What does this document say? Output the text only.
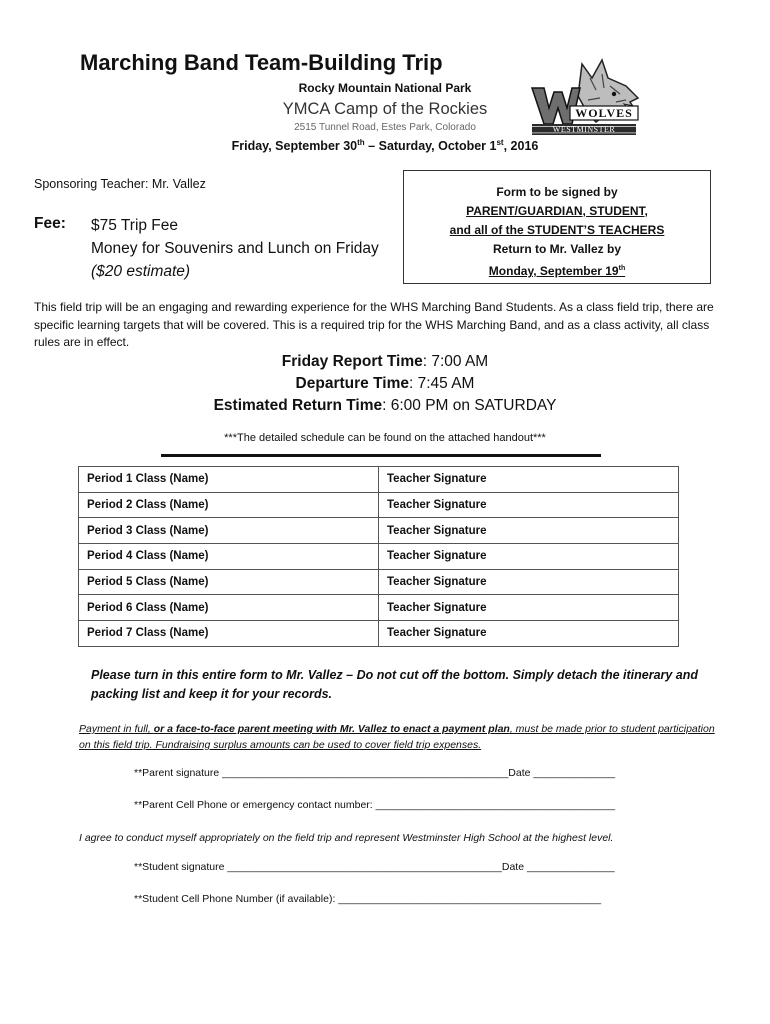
Marching Band Team-Building Trip
Rocky Mountain National Park
YMCA Camp of the Rockies
2515 Tunnel Road, Estes Park, Colorado
Friday, September 30th – Saturday, October 1st, 2016
WOLVES
WESTMINSTER
Sponsoring Teacher: Mr. Vallez
Fee: $75 Trip Fee
Money for Souvenirs and Lunch on Friday
($20 estimate)
Form to be signed by
PARENT/GUARDIAN, STUDENT,
and all of the STUDENT’S TEACHERS
Return to Mr. Vallez by
Monday, September 19th
This field trip will be an engaging and rewarding experience for the WHS Marching Band Students. As a class field trip, there are specific learning targets that will be covered. This is a required trip for the WHS Marching Band, and as a class activity, all class rules are in effect.
Friday Report Time: 7:00 AM
Departure Time: 7:45 AM
Estimated Return Time: 6:00 PM on SATURDAY
***The detailed schedule can be found on the attached handout***
Period 1 Class (Name)	Teacher Signature
Period 2 Class (Name)	Teacher Signature
Period 3 Class (Name)	Teacher Signature
Period 4 Class (Name)	Teacher Signature
Period 5 Class (Name)	Teacher Signature
Period 6 Class (Name)	Teacher Signature
Period 7 Class (Name)	Teacher Signature
Please turn in this entire form to Mr. Vallez – Do not cut off the bottom. Simply detach the itinerary and packing list and keep it for your records.
Payment in full, or a face-to-face parent meeting with Mr. Vallez to enact a payment plan, must be made prior to student participation on this field trip. Fundraising surplus amounts can be used to cover field trip expenses.
**Parent signature _________________________________________________Date ______________
**Parent Cell Phone or emergency contact number: _________________________________________
I agree to conduct myself appropriately on the field trip and represent Westminster High School at the highest level.
**Student signature _______________________________________________Date _______________
**Student Cell Phone Number (if available): _____________________________________________
